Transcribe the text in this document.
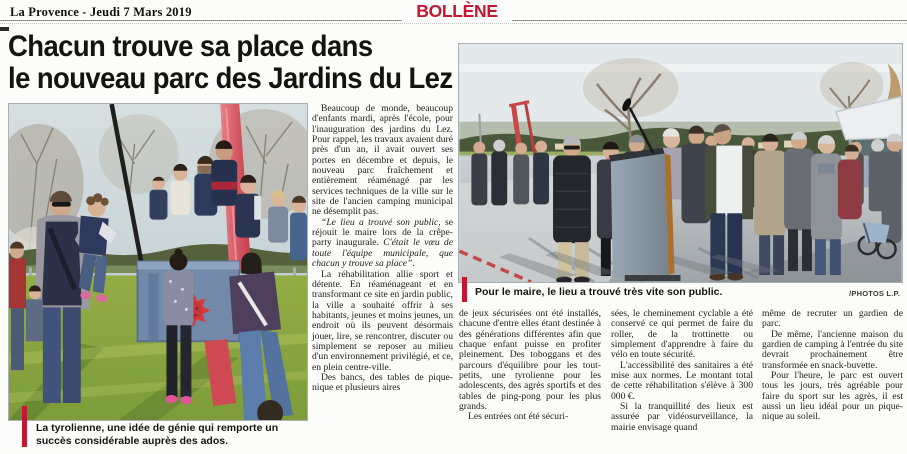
La Provence - Jeudi 7 Mars 2019	BOLLÈNE
Chacun trouve sa place dans
le nouveau parc des Jardins du Lez
La tyrolienne, une idée de génie qui remporte un succès considérable auprès des ados.
Pour le maire, le lieu a trouvé très vite son public.	/PHOTOS L.P.

Beaucoup de monde, beaucoup d'enfants mardi, après l'école, pour l'inauguration des jardins du Lez. Pour rappel, les travaux avaient duré près d'un an, il avait ouvert ses portes en décembre et depuis, le nouveau parc fraîchement et entièrement réaménagé par les services techniques de la ville sur le site de l'ancien camping municipal ne désemplit pas.

“Le lieu a trouvé son public, se réjouit le maire lors de la crêpe-party inaugurale. C'était le vœu de toute l'équipe municipale, que chacun y trouve sa place”.

La réhabilitation allie sport et détente. En réaménageant et en transformant ce site en jardin public, la ville a souhaité offrir à ses habitants, jeunes et moins jeunes, un endroit où ils peuvent désormais jouer, lire, se rencontrer, discuter ou simplement se reposer au milieu d'un environnement privilégié, et ce, en plein centre-ville.

Des bancs, des tables de pique-nique et plusieurs aires

de jeux sécurisées ont été installés, chacune d'entre elles étant destinée à des générations différentes afin que chaque enfant puisse en profiter pleinement. Des toboggans et des parcours d'équilibre pour les tout-petits, une tyrolienne pour les adolescents, des agrès sportifs et des tables de ping-pong pour les plus grands.

Les entrées ont été sécuri-

sées, le cheminement cyclable a été conservé ce qui permet de faire du roller, de la trottinette ou simplement d'apprendre à faire du vélo en toute sécurité.

L'accessibilité des sanitaires a été mise aux normes. Le montant total de cette réhabilitation s'élève à 300 000 €.

Si la tranquillité des lieux est assurée par vidéosurveillance, la mairie envisage quand

même de recruter un gardien de parc.

De même, l'ancienne maison du gardien de camping à l'entrée du site devrait prochainement être transformée en snack-buvette.

Pour l'heure, le parc est ouvert tous les jours, très agréable pour faire du sport sur les agrès, il est aussi un lieu idéal pour un pique-nique au soleil.
